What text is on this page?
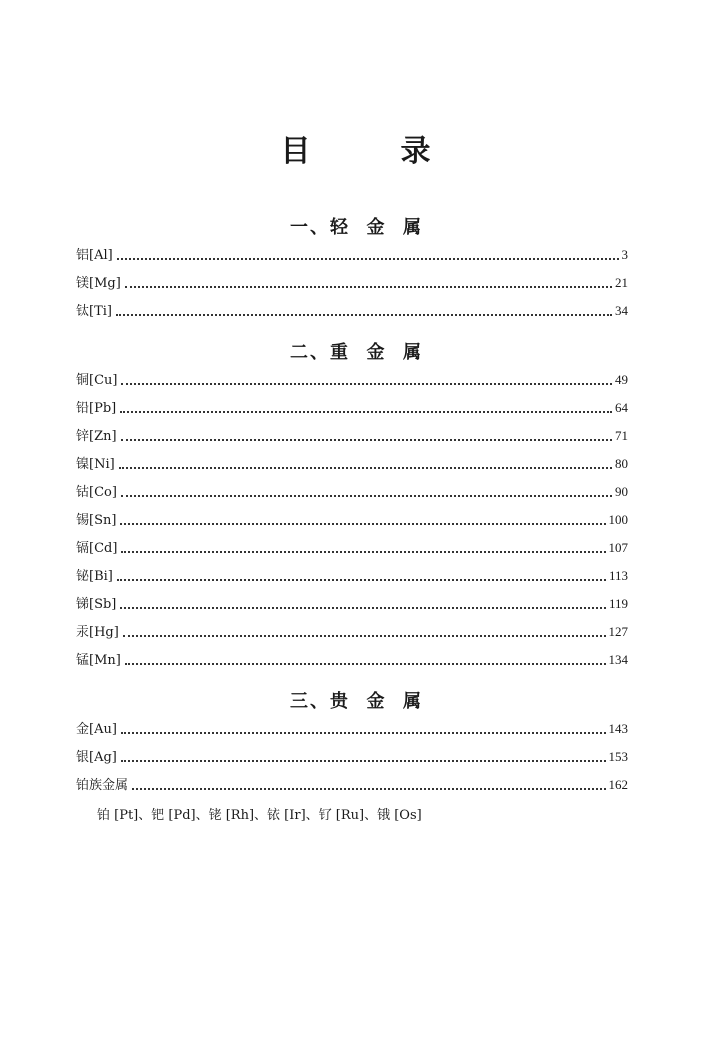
目	录
一、轻  金  属
铝[Al]	3
镁[Mg]	21
钛[Ti]	34
二、重  金  属
铜[Cu]	49
铅[Pb]	64
锌[Zn]	71
镍[Ni]	80
钴[Co]	90
锡[Sn]	100
镉[Cd]	107
铋[Bi]	113
锑[Sb]	119
汞[Hg]	127
锰[Mn]	134
三、贵  金  属
金[Au]	143
银[Ag]	153
铂族金属	162
铂 [Pt]、钯 [Pd]、铑 [Rh]、铱 [Ir]、钌 [Ru]、锇 [Os]
